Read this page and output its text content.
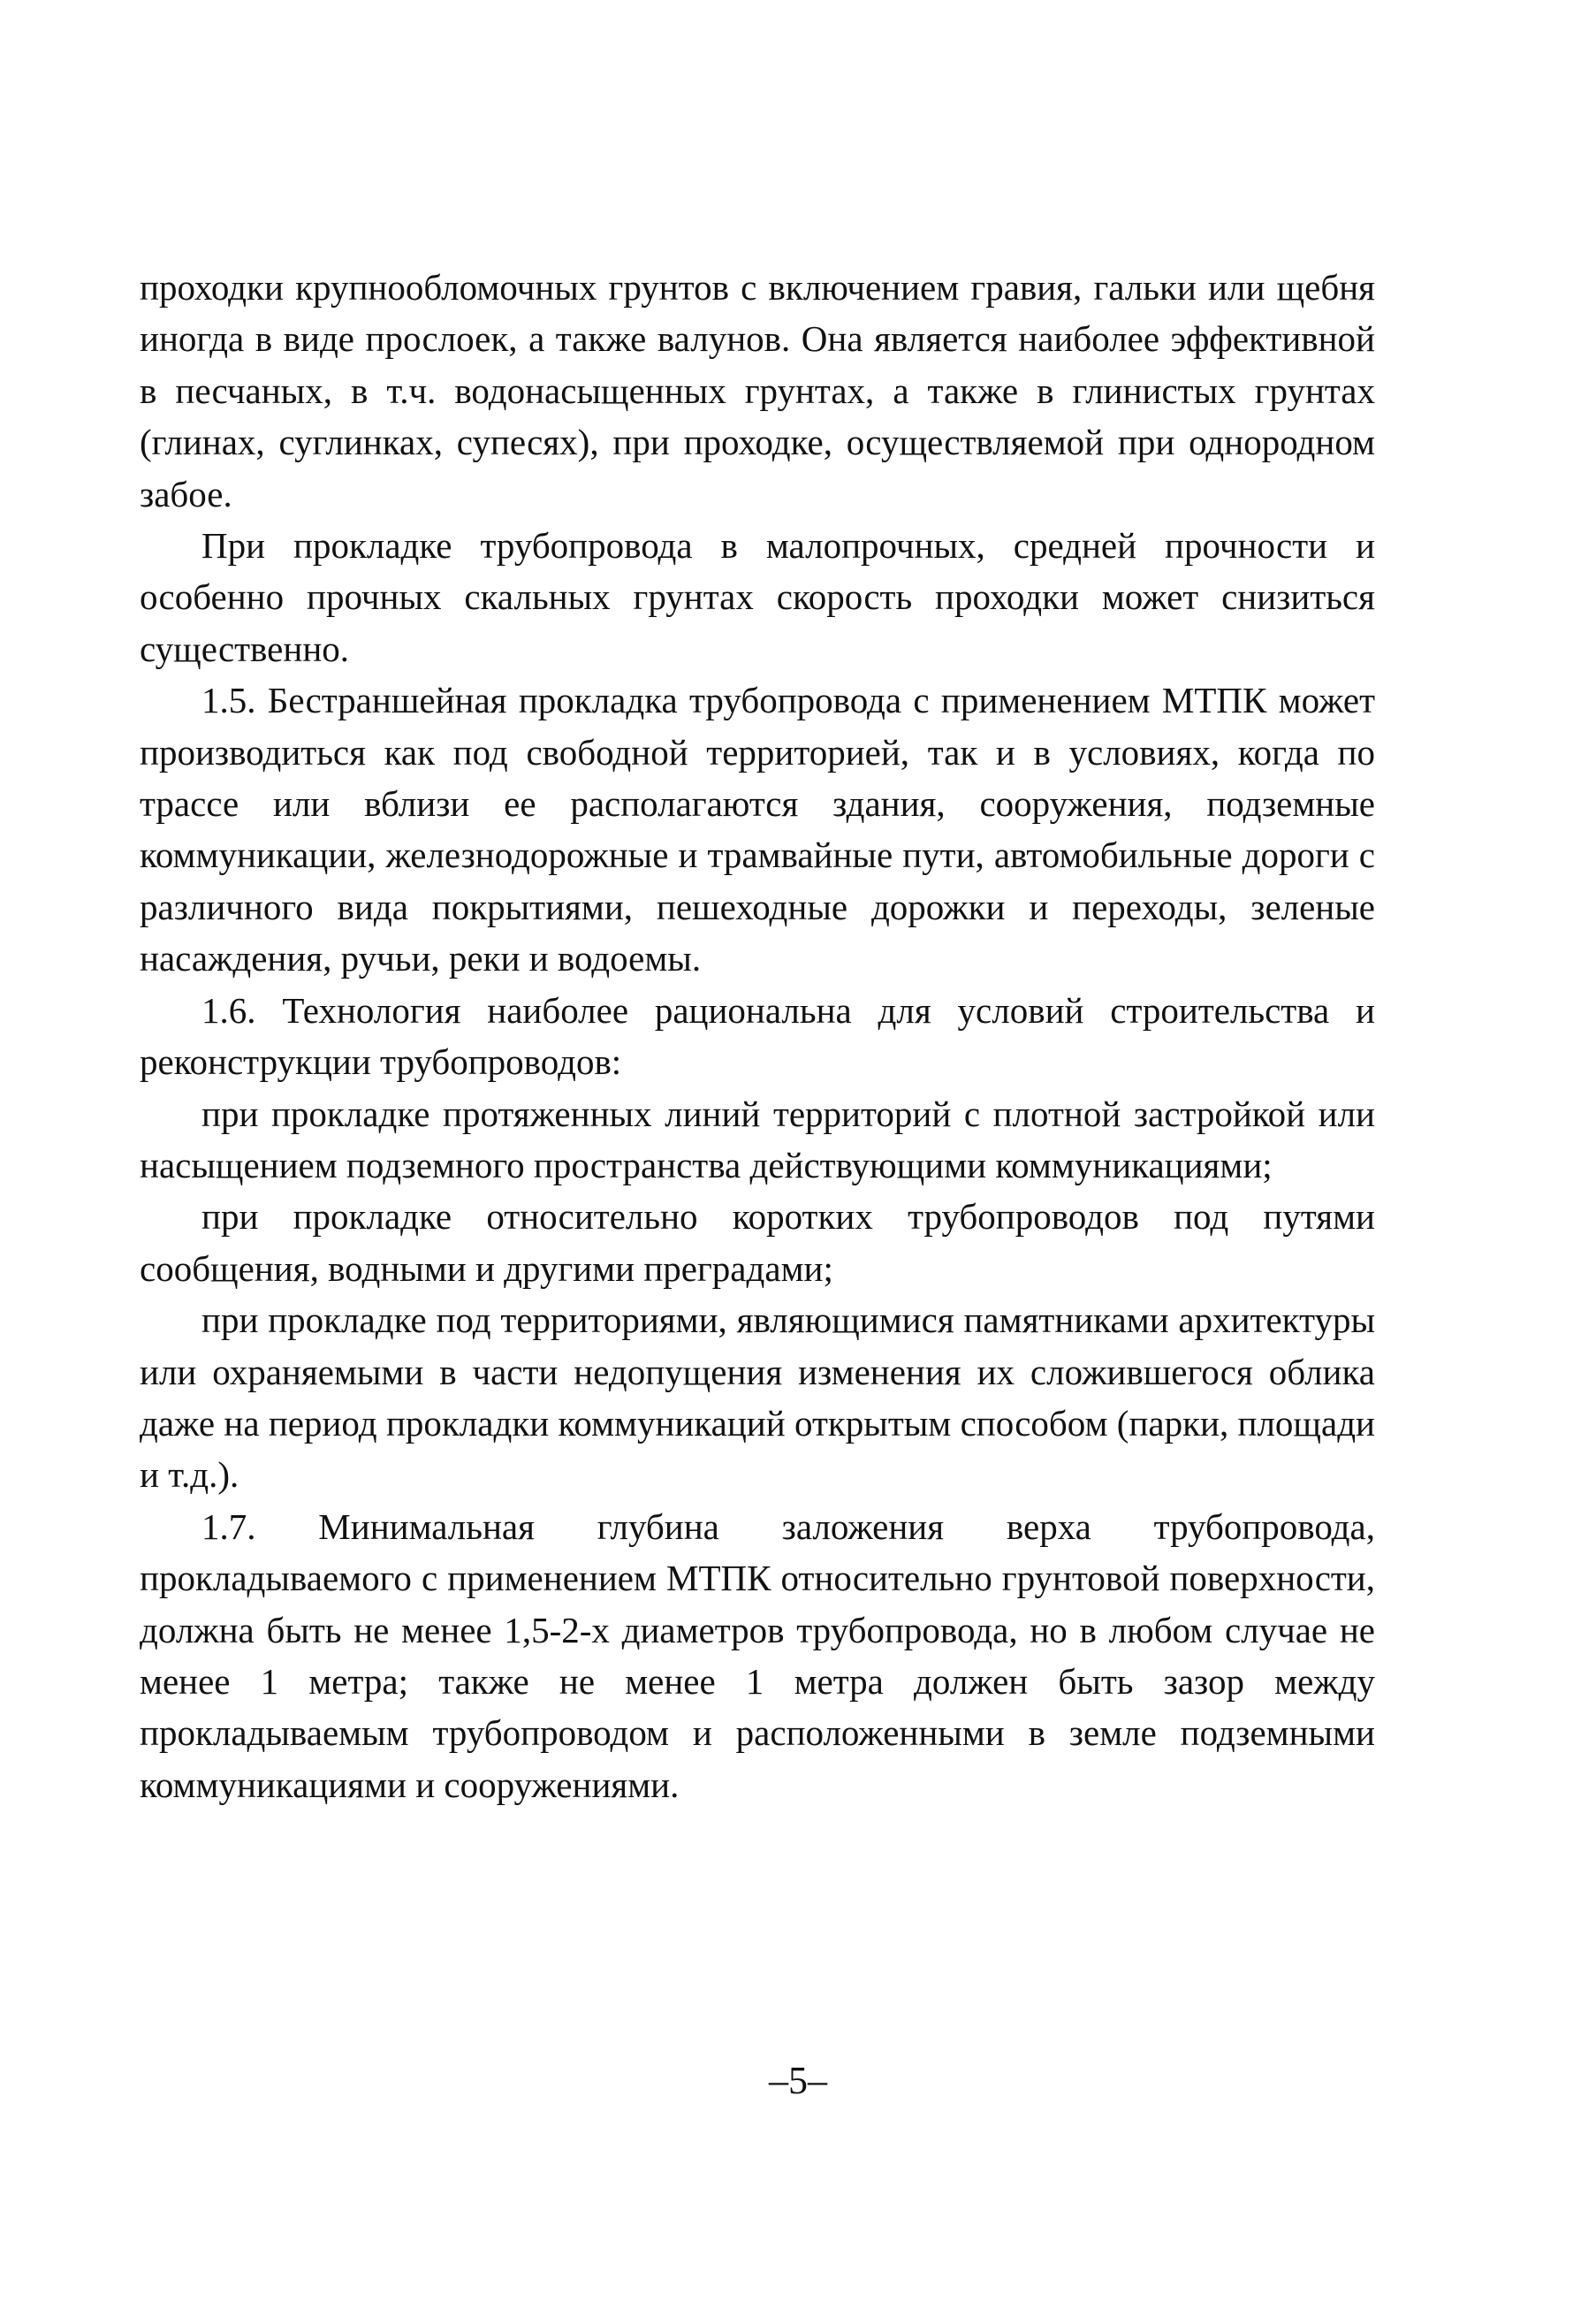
проходки крупнообломочных грунтов с включением гравия, гальки или щебня иногда в виде прослоек, а также валунов. Она является наиболее эффективной в песчаных, в т.ч. водонасыщенных грунтах, а также в глинистых грунтах (глинах, суглинках, супесях), при проходке, осуществляемой при однородном забое.

При прокладке трубопровода в малопрочных, средней прочности и особенно прочных скальных грунтах скорость проходки может снизиться существенно.

1.5. Бестраншейная прокладка трубопровода с применением МТПК может производиться как под свободной территорией, так и в условиях, когда по трассе или вблизи ее располагаются здания, сооружения, подземные коммуникации, железнодорожные и трамвайные пути, автомобильные дороги с различного вида покрытиями, пешеходные дорожки и переходы, зеленые насаждения, ручьи, реки и водоемы.

1.6. Технология наиболее рациональна для условий строительства и реконструкции трубопроводов:

при прокладке протяженных линий территорий с плотной застройкой или насыщением подземного пространства действующими коммуникациями;

при прокладке относительно коротких трубопроводов под путями сообщения, водными и другими преградами;

при прокладке под территориями, являющимися памятниками архитектуры или охраняемыми в части недопущения изменения их сложившегося облика даже на период прокладки коммуникаций открытым способом (парки, площади и т.д.).

1.7. Минимальная глубина заложения верха трубопровода, прокладываемого с применением МТПК относительно грунтовой поверхности, должна быть не менее 1,5-2-х диаметров трубопровода, но в любом случае не менее 1 метра; также не менее 1 метра должен быть зазор между прокладываемым трубопроводом и расположенными в земле подземными коммуникациями и сооружениями.

–5–
